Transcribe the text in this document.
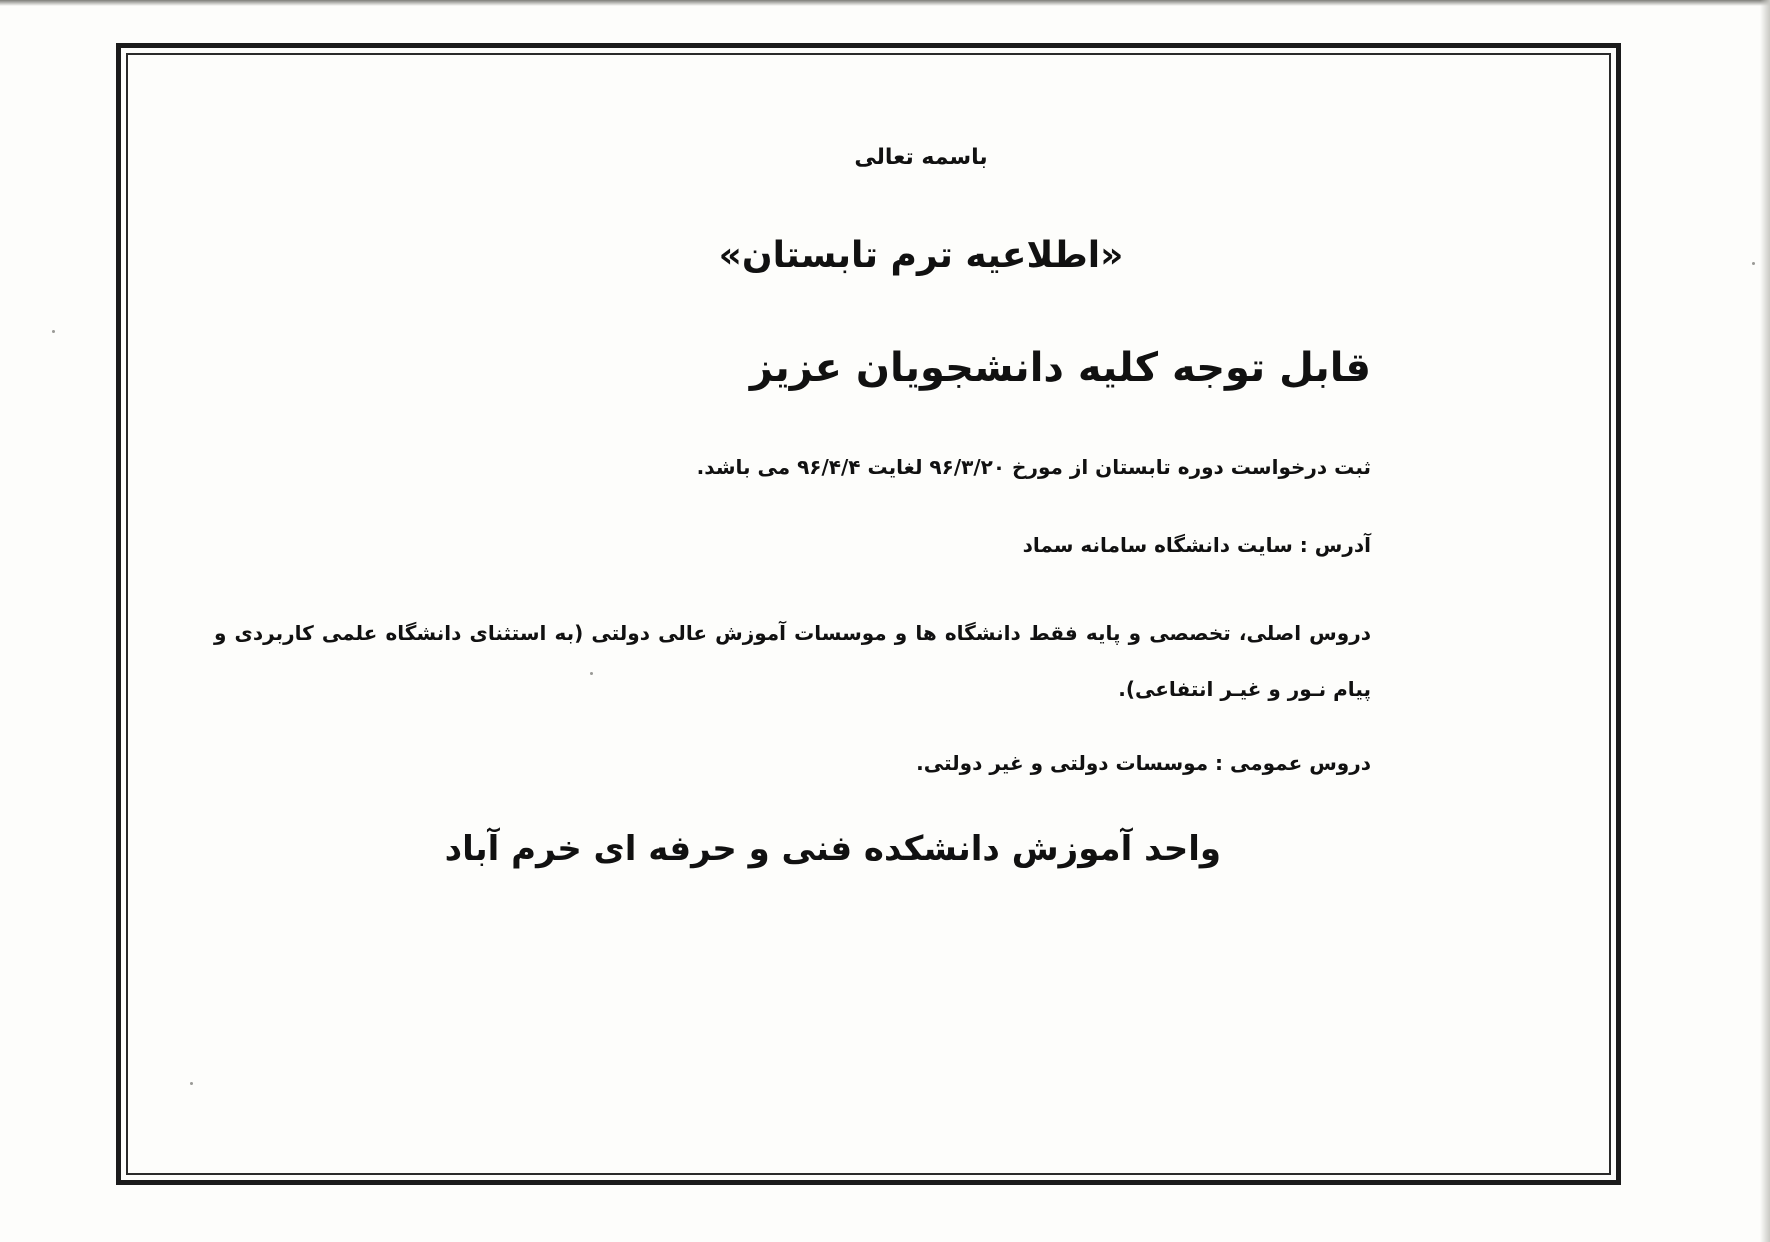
باسمه تعالی
«اطلاعیه ترم تابستان»
قابل توجه کلیه دانشجویان عزیز
ثبت درخواست دوره تابستان از مورخ ۹۶/۳/۲۰ لغایت ۹۶/۴/۴ می باشد.
آدرس : سایت دانشگاه سامانه سماد
دروس اصلی، تخصصی و پایه فقط دانشگاه ها و موسسات آموزش عالی دولتی (به استثنای دانشگاه علمی کاربردی و پیام نـور و غیـر انتفاعی).
دروس عمومی : موسسات دولتی و غیر دولتی.
واحد آموزش دانشکده فنی و حرفه ای خرم آباد
